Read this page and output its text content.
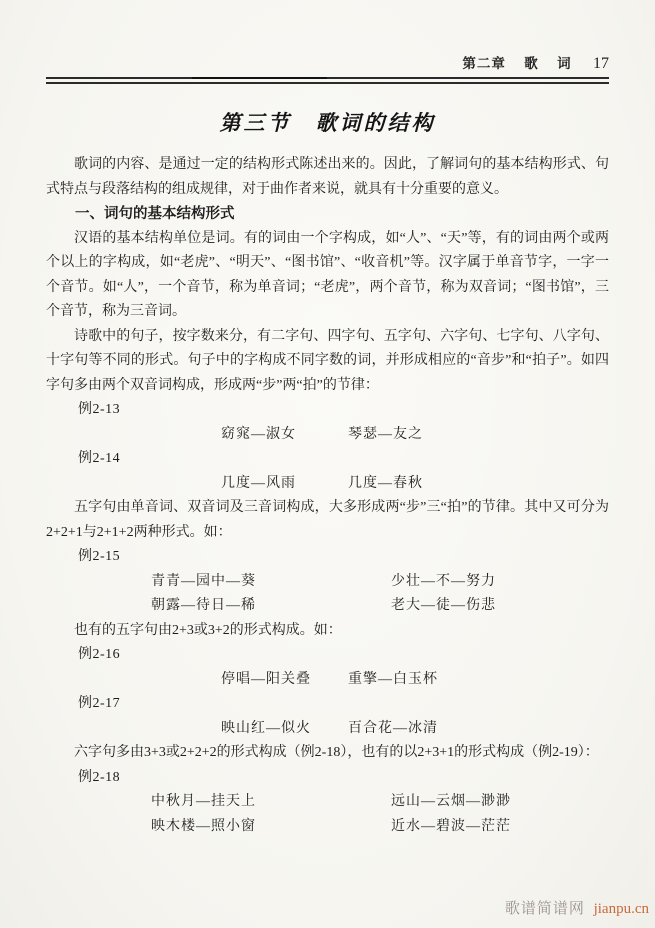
第二章 歌 词 17
第三节　歌词的结构

歌词的内容、是通过一定的结构形式陈述出来的。因此，了解词句的基本结构形式、句式特点与段落结构的组成规律，对于曲作者来说，就具有十分重要的意义。

一、词句的基本结构形式

汉语的基本结构单位是词。有的词由一个字构成，如“人”、“天”等，有的词由两个或两个以上的字构成，如“老虎”、“明天”、“图书馆”、“收音机”等。汉字属于单音节字，一字一个音节。如“人”，一个音节，称为单音词；“老虎”，两个音节，称为双音词；“图书馆”，三个音节，称为三音词。

诗歌中的句子，按字数来分，有二字句、四字句、五字句、六字句、七字句、八字句、十字句等不同的形式。句子中的字构成不同字数的词，并形成相应的“音步”和“拍子”。如四字句多由两个双音词构成，形成两“步”两“拍”的节律：

例2-13
窈窕—淑女	琴瑟—友之
例2-14
几度—风雨	几度—春秋

五字句由单音词、双音词及三音词构成，大多形成两“步”三“拍”的节律。其中又可分为2+2+1与2+1+2两种形式。如：

例2-15
青青—园中—葵	少壮—不—努力
朝露—待日—稀	老大—徒—伤悲

也有的五字句由2+3或3+2的形式构成。如：

例2-16
停唱—阳关叠	重擎—白玉杯
例2-17
映山红—似火	百合花—冰清

六字句多由3+3或2+2+2的形式构成（例2-18），也有的以2+3+1的形式构成（例2-19）：

例2-18
中秋月—挂天上	远山—云烟—渺渺
映木楼—照小窗	近水—碧波—茫茫
歌谱简谱网 jianpu.cn
